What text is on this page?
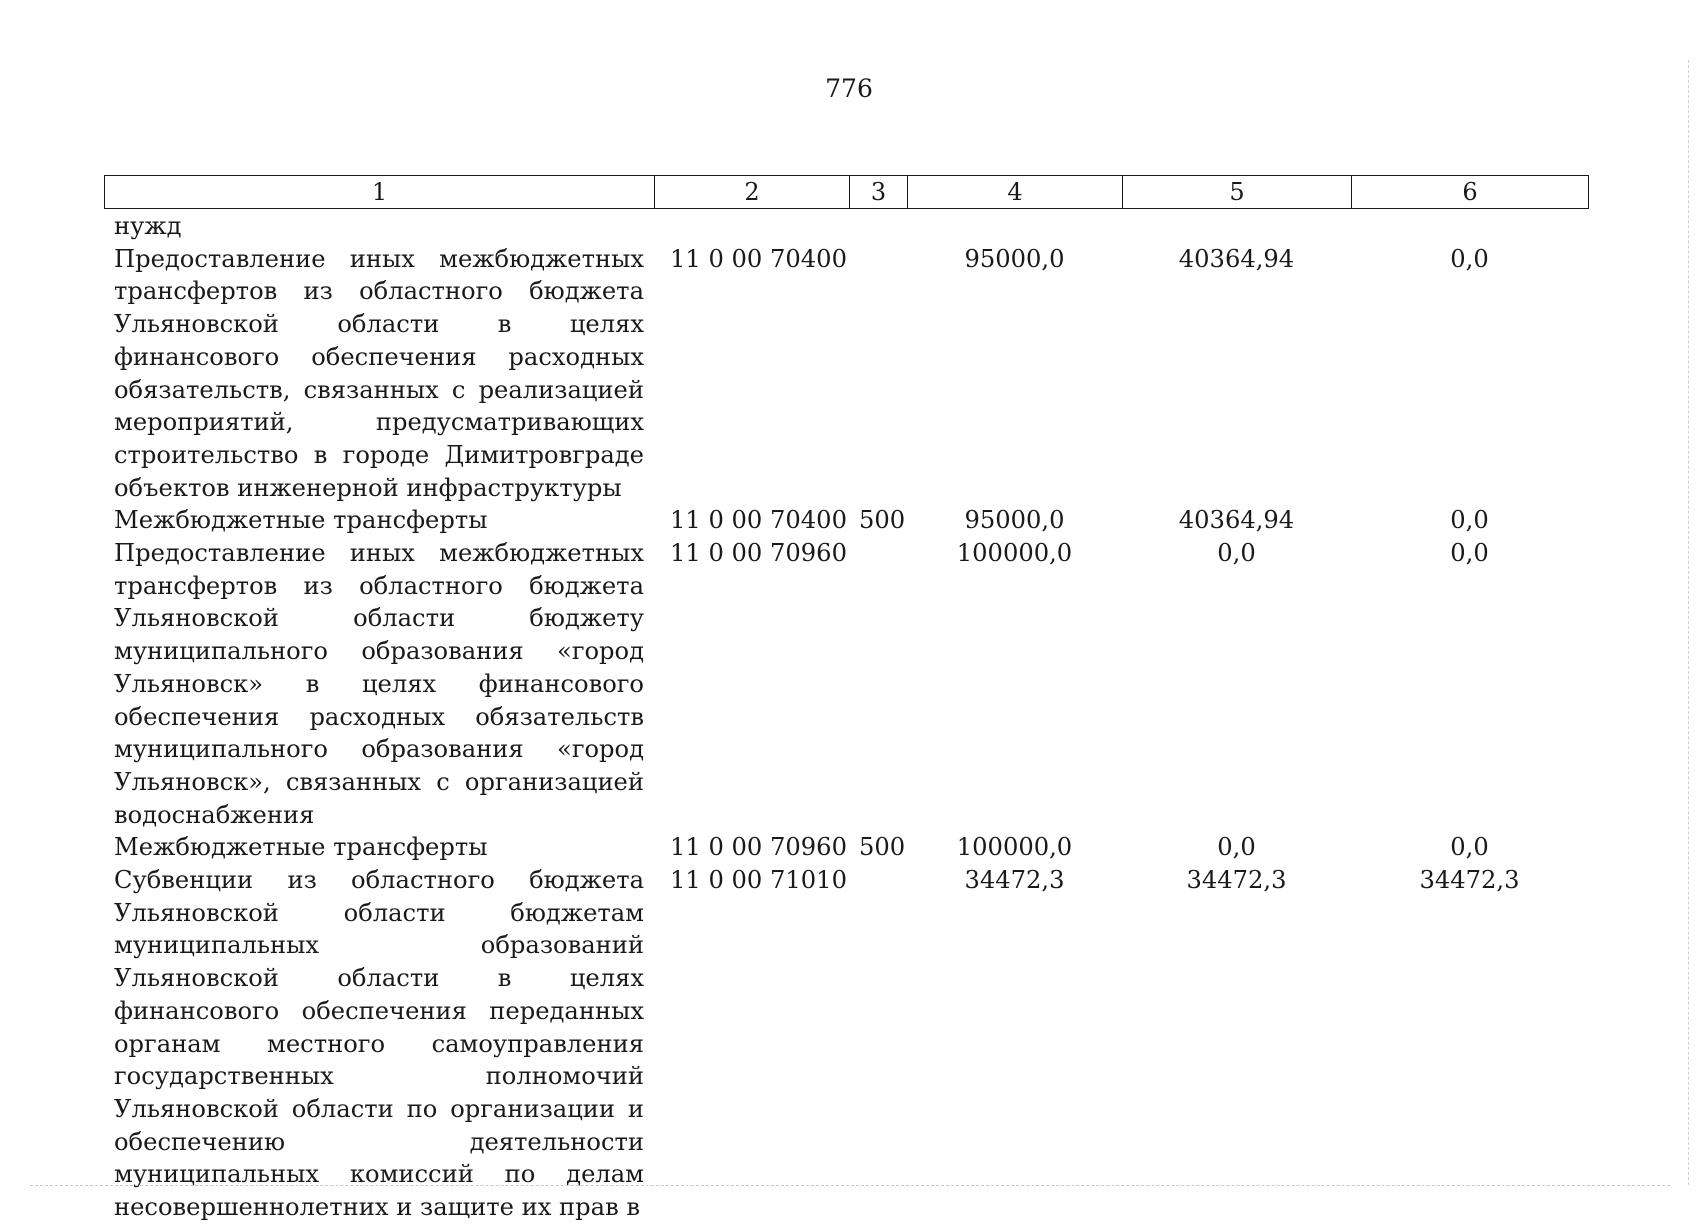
776
1	2	3	4	5	6
нужд					
Предоставление иных межбюджетных трансфертов из областного бюджета Ульяновской области в целях финансового обеспечения расходных обязательств, связанных с реализацией мероприятий, предусматривающих строительство в городе Димитровграде объектов инженерной инфраструктуры	11 0 00 70400		95000,0	40364,94	0,0
Межбюджетные трансферты	11 0 00 70400	500	95000,0	40364,94	0,0
Предоставление иных межбюджетных трансфертов из областного бюджета Ульяновской области бюджету муниципального образования «город Ульяновск» в целях финансового обеспечения расходных обязательств муниципального образования «город Ульяновск», связанных с организацией водоснабжения	11 0 00 70960		100000,0	0,0	0,0
Межбюджетные трансферты	11 0 00 70960	500	100000,0	0,0	0,0
Субвенции из областного бюджета Ульяновской области бюджетам муниципальных образований Ульяновской области в целях финансового обеспечения переданных органам местного самоуправления государственных полномочий Ульяновской области по организации и обеспечению деятельности муниципальных комиссий по делам несовершеннолетних и защите их прав в	11 0 00 71010		34472,3	34472,3	34472,3
